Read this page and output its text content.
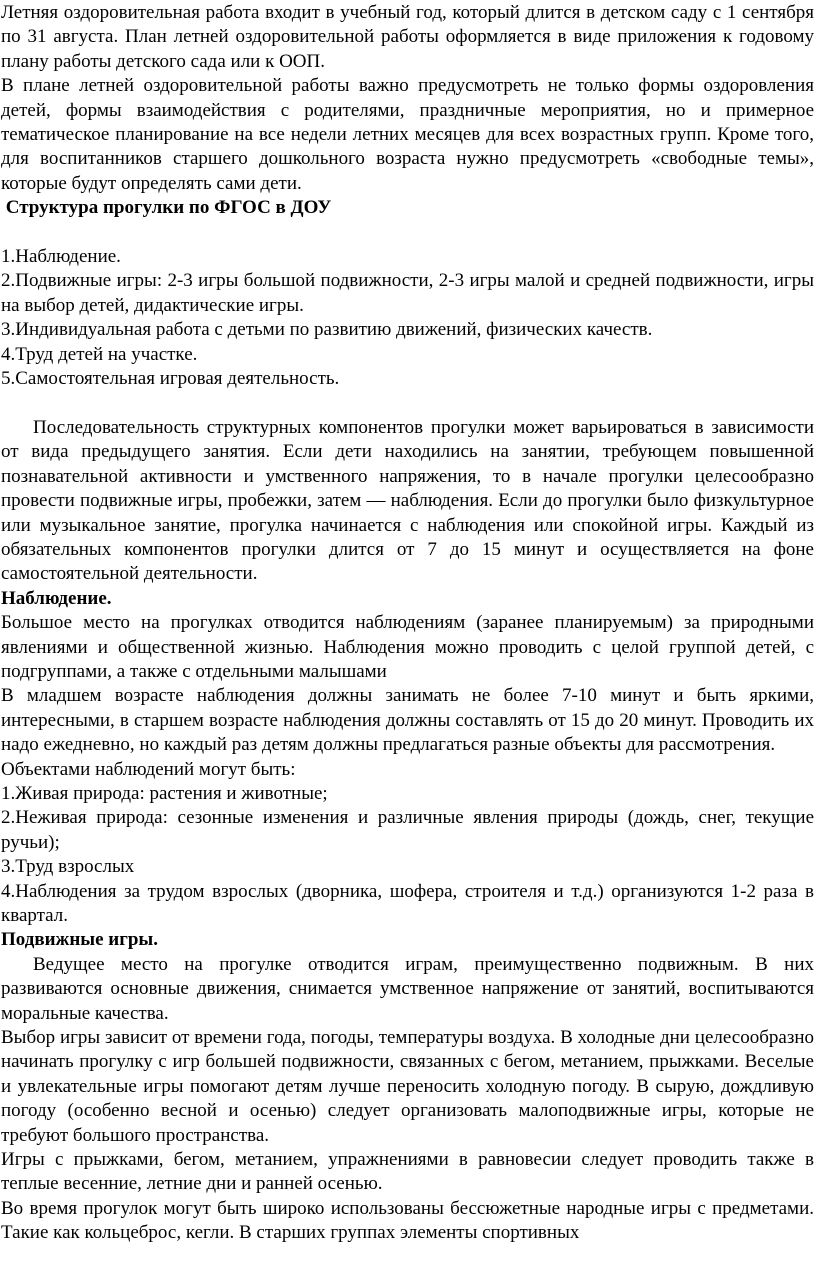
Летняя оздоровительная работа входит в учебный год, который длится в детском саду с 1 сентября по 31 августа. План летней оздоровительной работы оформляется в виде приложения к годовому плану работы детского сада или к ООП.

В плане летней оздоровительной работы важно предусмотреть не только формы оздоровления детей, формы взаимодействия с родителями, праздничные мероприятия, но и примерное тематическое планирование на все недели летних месяцев для всех возрастных групп. Кроме того, для воспитанников старшего дошкольного возраста нужно предусмотреть «свободные темы», которые будут определять сами дети.

Структура прогулки по ФГОС в ДОУ

1.Наблюдение.

2.Подвижные игры: 2-3 игры большой подвижности, 2-3 игры малой и средней подвижности, игры на выбор детей, дидактические игры.

3.Индивидуальная работа с детьми по развитию движений, физических качеств.

4.Труд детей на участке.

5.Самостоятельная игровая деятельность.

Последовательность структурных компонентов прогулки может варьироваться в зависимости от вида предыдущего занятия. Если дети находились на занятии, требующем повышенной познавательной активности и умственного напряжения, то в начале прогулки целесообразно провести подвижные игры, пробежки, затем — наблюдения. Если до прогулки было физкультурное или музыкальное занятие, прогулка начинается с наблюдения или спокойной игры. Каждый из обязательных компонентов прогулки длится от 7 до 15 минут и осуществляется на фоне самостоятельной деятельности.

Наблюдение.

Большое место на прогулках отводится наблюдениям (заранее планируемым) за природными явлениями и общественной жизнью. Наблюдения можно проводить с целой группой детей, с подгруппами, а также с отдельными малышами

В младшем возрасте наблюдения должны занимать не более 7-10 минут и быть яркими, интересными, в старшем возрасте наблюдения должны составлять от 15 до 20 минут. Проводить их надо ежедневно, но каждый раз детям должны предлагаться разные объекты для рассмотрения.

Объектами наблюдений могут быть:

1.Живая природа: растения и животные;

2.Неживая природа: сезонные изменения и различные явления природы (дождь, снег, текущие ручьи);

3.Труд взрослых

4.Наблюдения за трудом взрослых (дворника, шофера, строителя и т.д.) организуются 1-2 раза в квартал.

Подвижные игры.

Ведущее место на прогулке отводится играм, преимущественно подвижным. В них развиваются основные движения, снимается умственное напряжение от занятий, воспитываются моральные качества.

Выбор игры зависит от времени года, погоды, температуры воздуха. В холодные дни целесообразно начинать прогулку с игр большей подвижности, связанных с бегом, метанием, прыжками. Веселые и увлекательные игры помогают детям лучше переносить холодную погоду. В сырую, дождливую погоду (особенно весной и осенью) следует организовать малоподвижные игры, которые не требуют большого пространства.

Игры с прыжками, бегом, метанием, упражнениями в равновесии следует проводить также в теплые весенние, летние дни и ранней осенью.

Во время прогулок могут быть широко использованы бессюжетные народные игры с предметами. Такие как кольцеброс, кегли. В старших группах элементы спортивных
